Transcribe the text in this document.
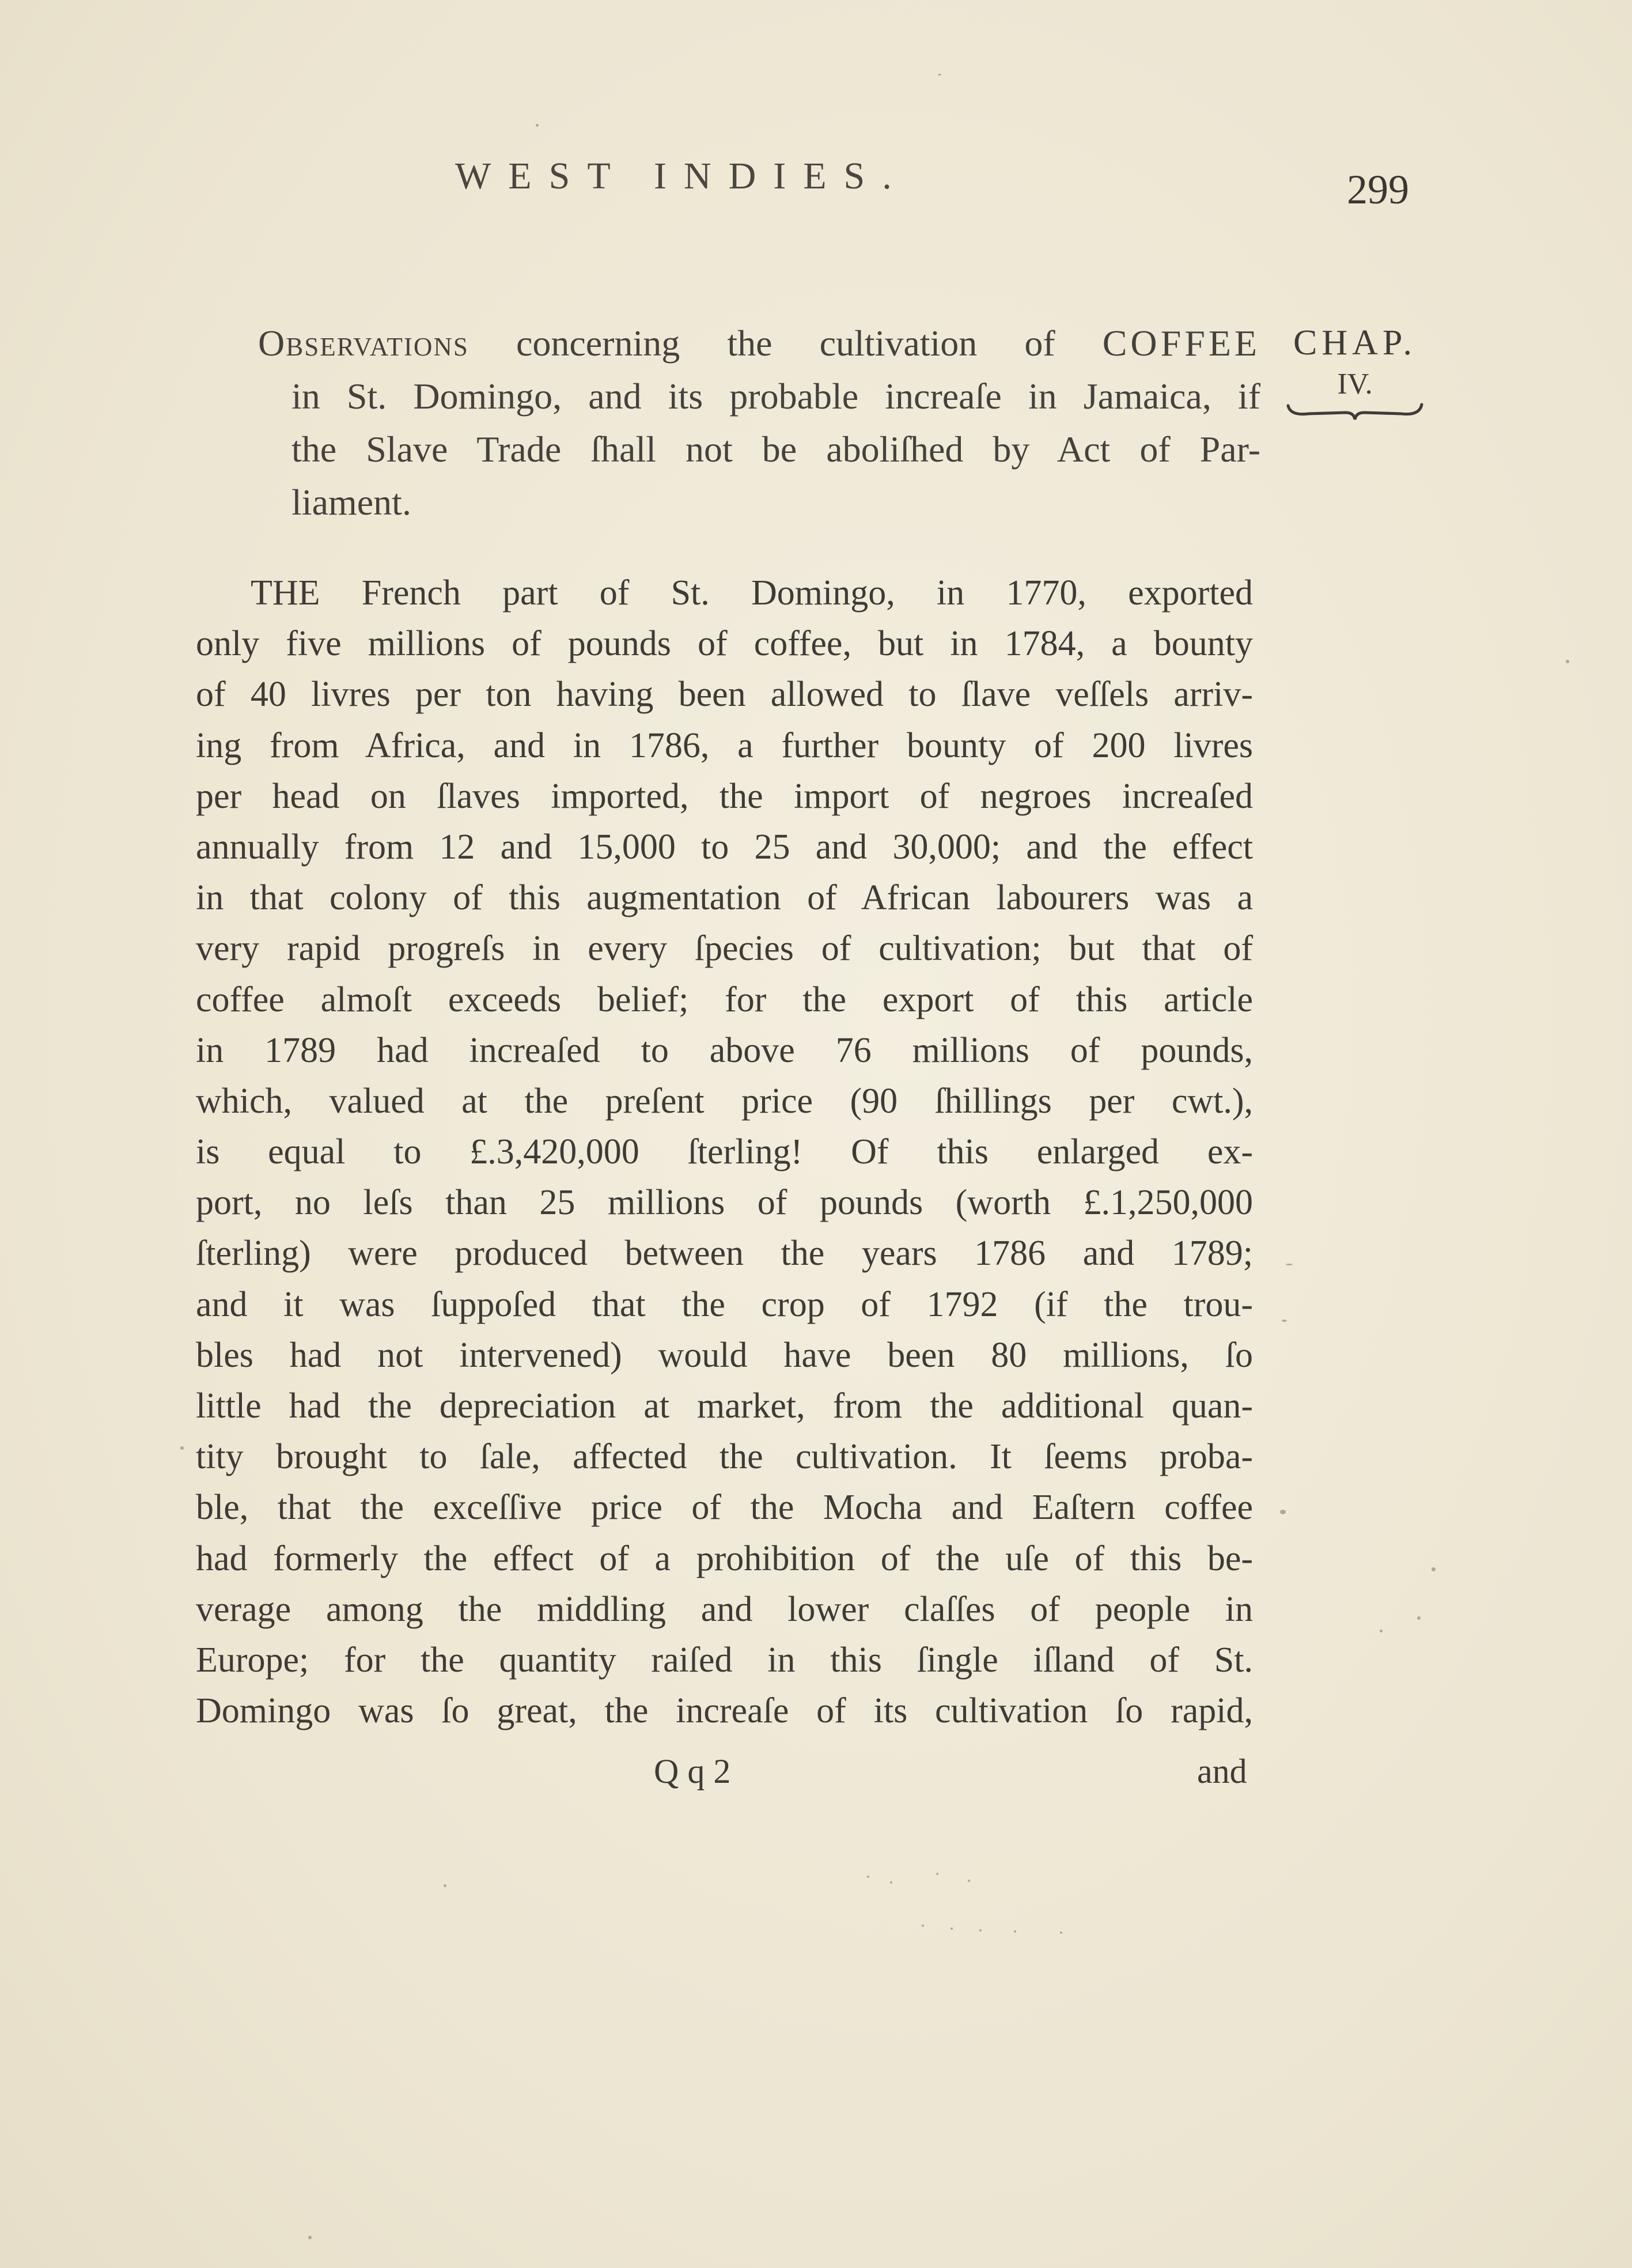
WEST INDIES.	299
Observations concerning the cultivation of COFFEE
in St. Domingo, and its probable increaſe in Jamaica, if
the Slave Trade ſhall not be aboliſhed by Act of Par-
liament.
CHAP.
IV.
THE French part of St. Domingo, in 1770, exported
only five millions of pounds of coffee, but in 1784, a bounty
of 40 livres per ton having been allowed to ſlave veſſels arriv-
ing from Africa, and in 1786, a further bounty of 200 livres
per head on ſlaves imported, the import of negroes increaſed
annually from 12 and 15,000 to 25 and 30,000; and the effect
in that colony of this augmentation of African labourers was a
very rapid progreſs in every ſpecies of cultivation; but that of
coffee almoſt exceeds belief; for the export of this article
in 1789 had increaſed to above 76 millions of pounds,
which, valued at the preſent price (90 ſhillings per cwt.),
is equal to £.3,420,000 ſterling! Of this enlarged ex-
port, no leſs than 25 millions of pounds (worth £.1,250,000
ſterling) were produced between the years 1786 and 1789;
and it was ſuppoſed that the crop of 1792 (if the trou-
bles had not intervened) would have been 80 millions, ſo
little had the depreciation at market, from the additional quan-
tity brought to ſale, affected the cultivation. It ſeems proba-
ble, that the exceſſive price of the Mocha and Eaſtern coffee
had formerly the effect of a prohibition of the uſe of this be-
verage among the middling and lower claſſes of people in
Europe; for the quantity raiſed in this ſingle iſland of St.
Domingo was ſo great, the increaſe of its cultivation ſo rapid,
Q q 2	and
